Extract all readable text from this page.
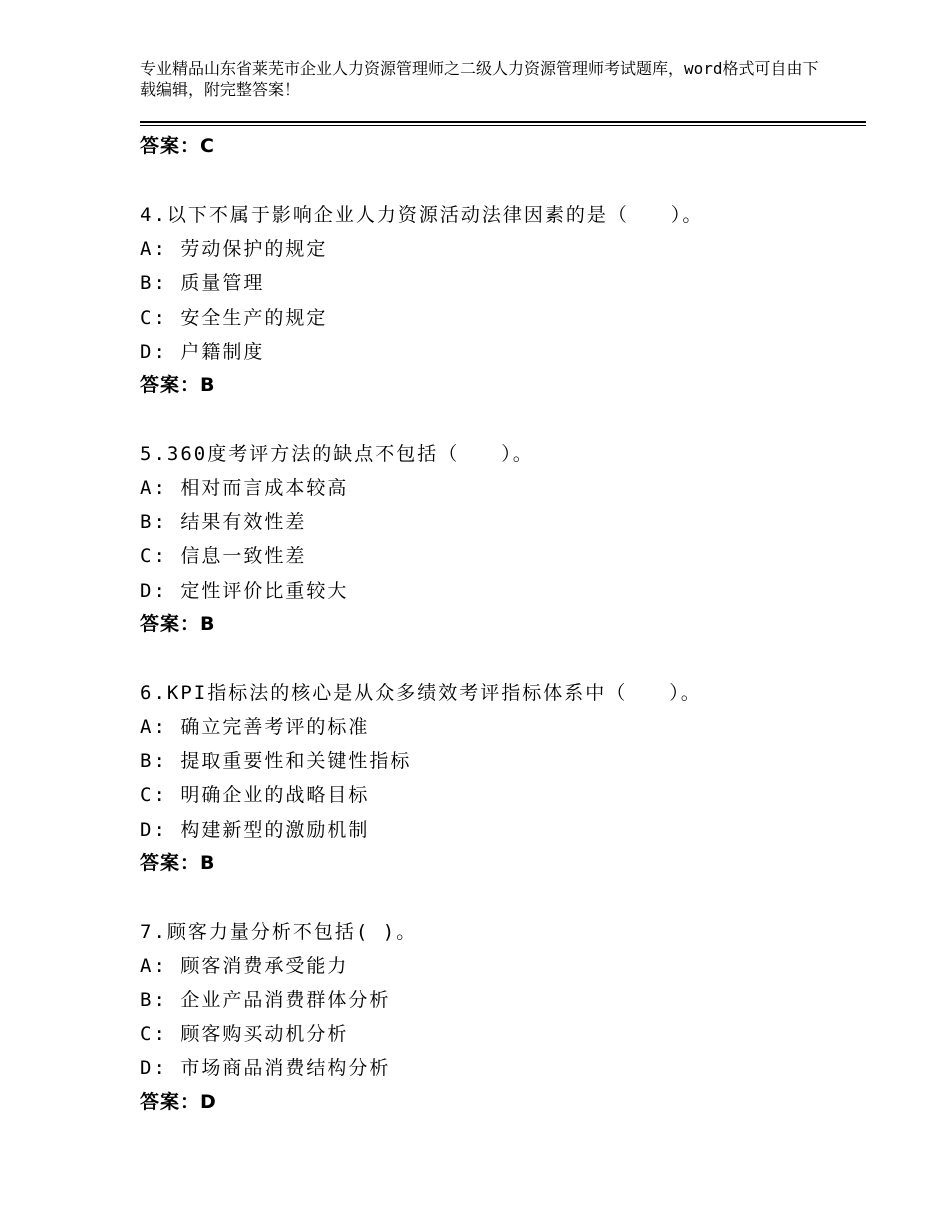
专业精品山东省莱芜市企业人力资源管理师之二级人力资源管理师考试题库，word格式可自由下载编辑，附完整答案！
答案：C
4.以下不属于影响企业人力资源活动法律因素的是（　　）。
A: 劳动保护的规定
B: 质量管理
C: 安全生产的规定
D: 户籍制度
答案：B
5.360度考评方法的缺点不包括（　　）。
A: 相对而言成本较高
B: 结果有效性差
C: 信息一致性差
D: 定性评价比重较大
答案：B
6.KPI指标法的核心是从众多绩效考评指标体系中（　　）。
A: 确立完善考评的标准
B: 提取重要性和关键性指标
C: 明确企业的战略目标
D: 构建新型的激励机制
答案：B
7.顾客力量分析不包括( )。
A: 顾客消费承受能力
B: 企业产品消费群体分析
C: 顾客购买动机分析
D: 市场商品消费结构分析
答案：D
